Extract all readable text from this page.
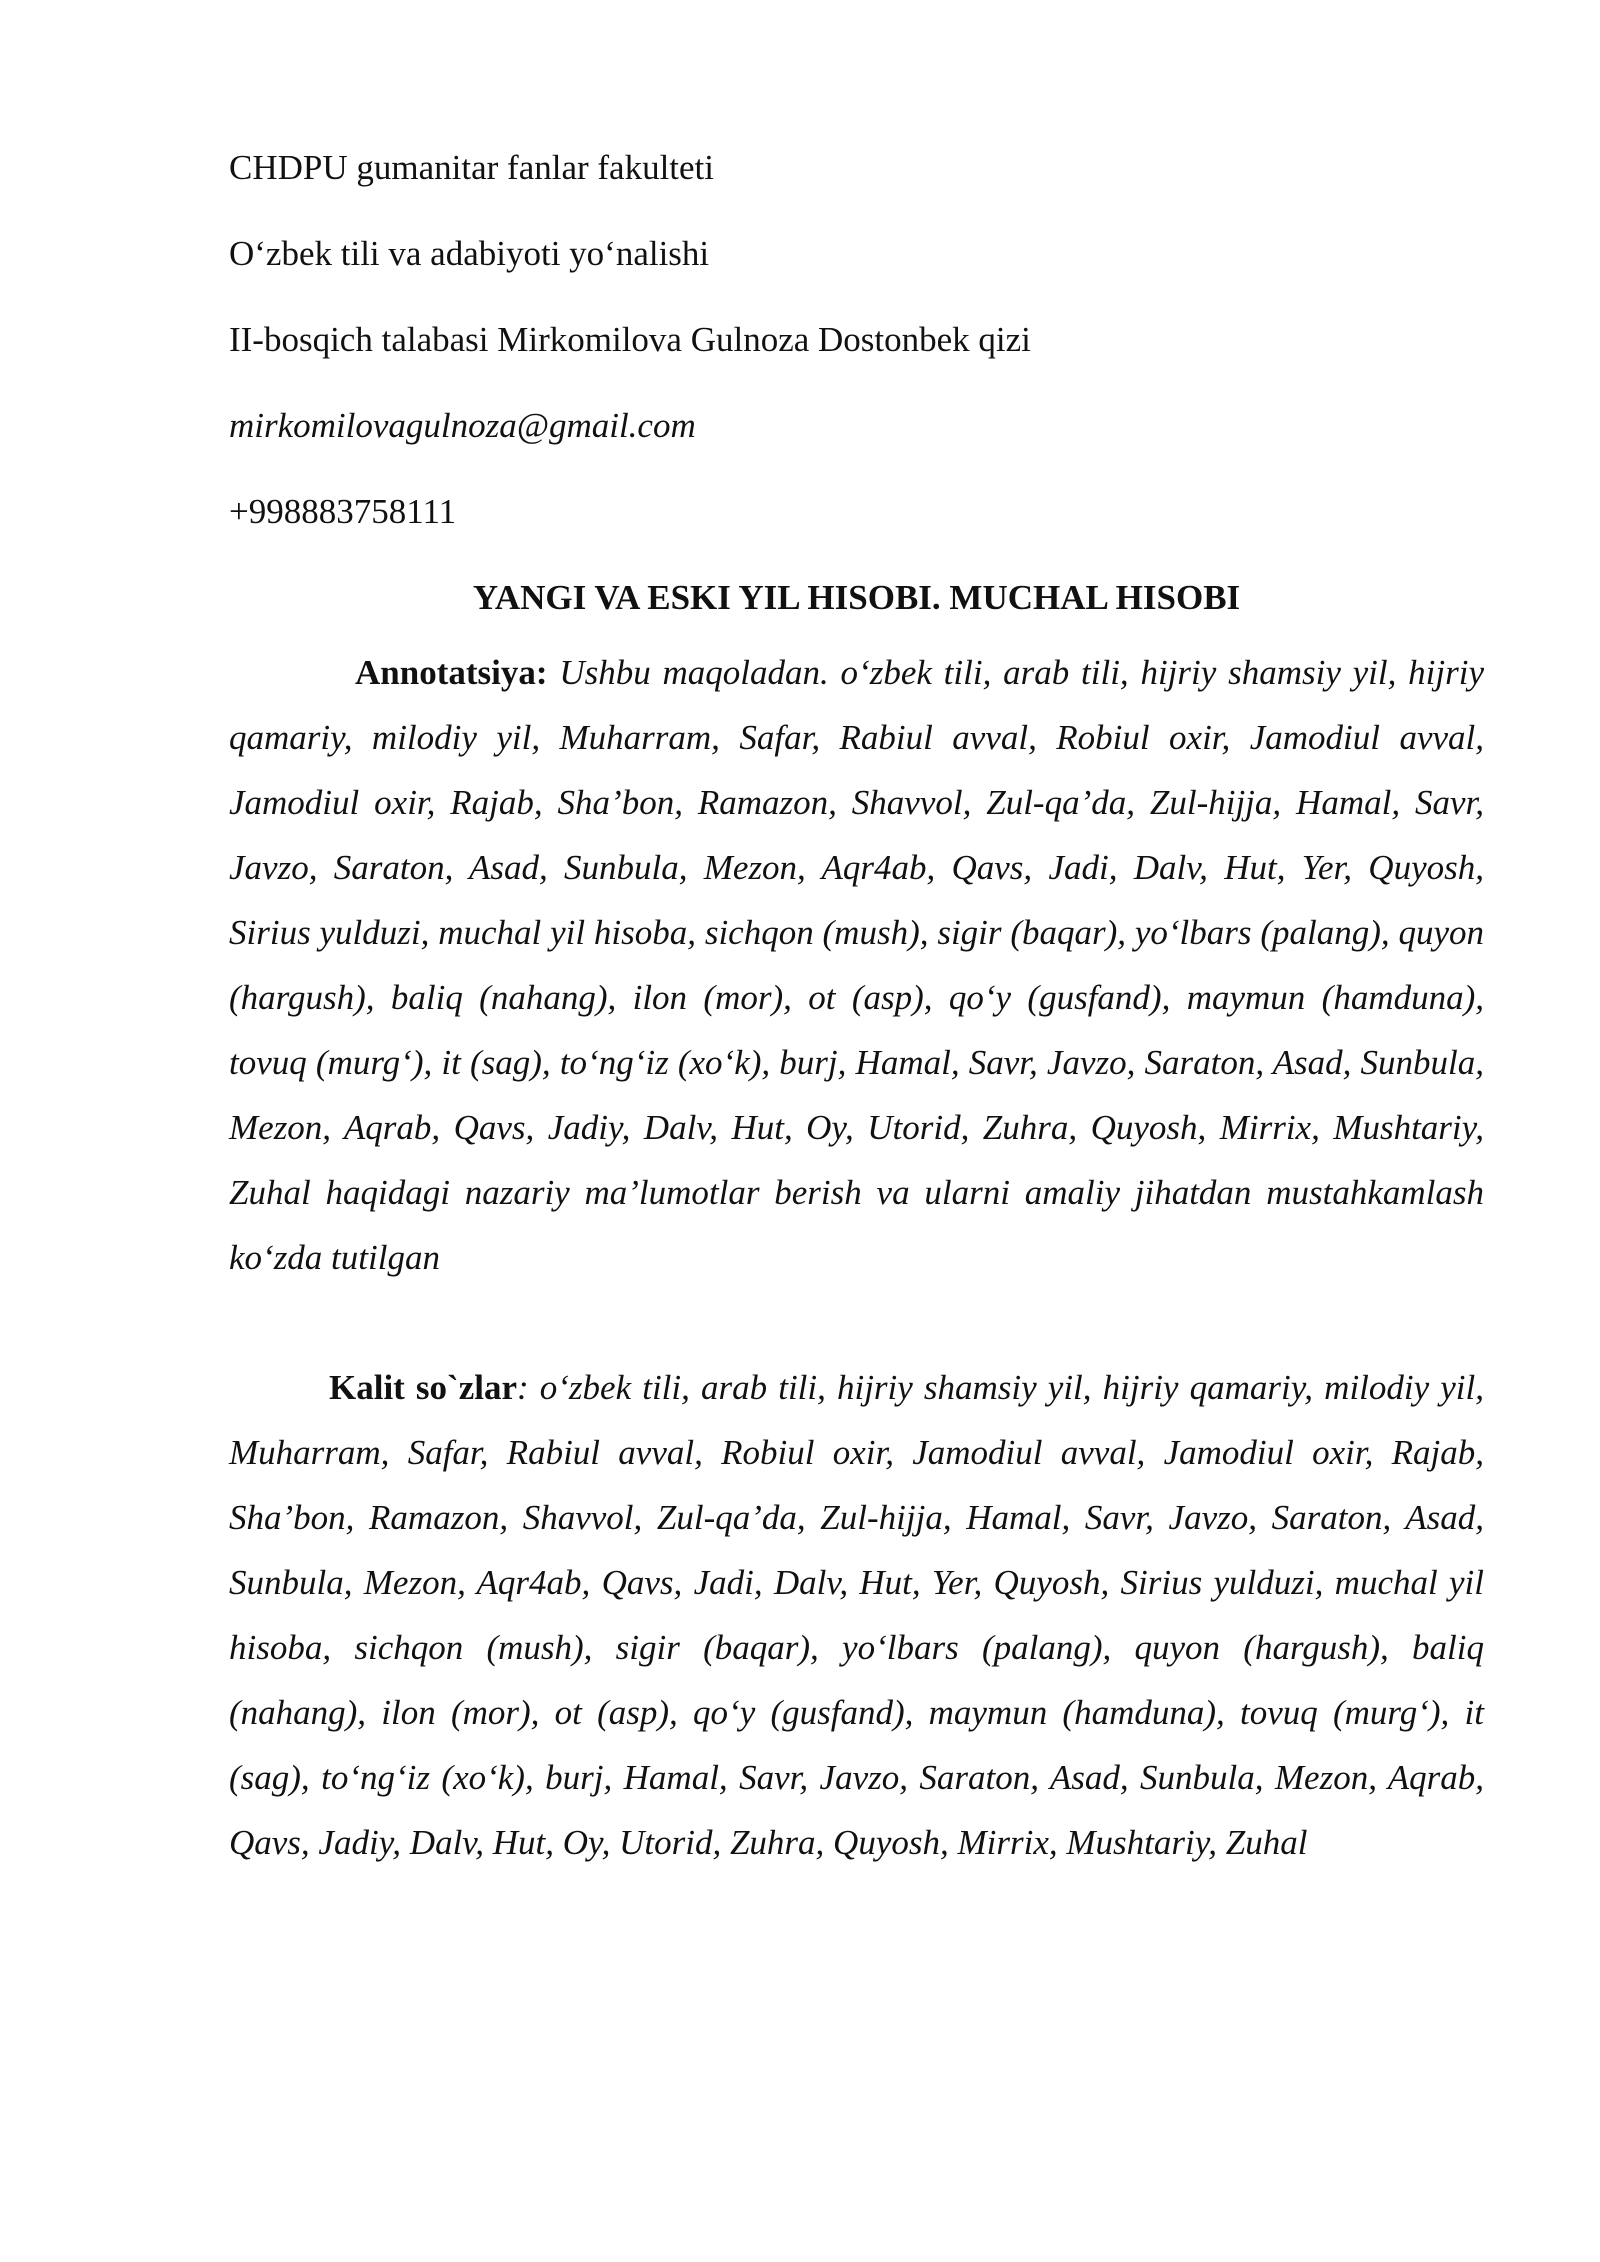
CHDPU gumanitar fanlar fakulteti
O‘zbek tili va adabiyoti yo‘nalishi
II-bosqich talabasi Mirkomilova Gulnoza Dostonbek qizi
mirkomilovagulnoza@gmail.com
+998883758111
YANGI VA ESKI YIL HISOBI. MUCHAL HISOBI

Annotatsiya: Ushbu maqoladan. o‘zbek tili, arab tili, hijriy shamsiy yil, hijriy qamariy, milodiy yil, Muharram, Safar, Rabiul avval, Robiul oxir, Jamodiul avval, Jamodiul oxir, Rajab, Sha’bon, Ramazon, Shavvol, Zul-qa’da, Zul-hijja, Hamal, Savr, Javzo, Saraton, Asad, Sunbula, Mezon, Aqr4ab, Qavs, Jadi, Dalv, Hut, Yer, Quyosh, Sirius yulduzi, muchal yil hisoba, sichqon (mush), sigir (baqar), yo‘lbars (palang), quyon (hargush), baliq (nahang), ilon (mor), ot (asp), qo‘y (gusfand), maymun (hamduna), tovuq (murg‘), it (sag), to‘ng‘iz (xo‘k), burj, Hamal, Savr, Javzo, Saraton, Asad, Sunbula, Mezon, Aqrab, Qavs, Jadiy, Dalv, Hut, Oy, Utorid, Zuhra, Quyosh, Mirrix, Mushtariy, Zuhal haqidagi nazariy ma’lumotlar berish va ularni amaliy jihatdan mustahkamlash ko‘zda tutilgan

Kalit so`zlar: o‘zbek tili, arab tili, hijriy shamsiy yil, hijriy qamariy, milodiy yil, Muharram, Safar, Rabiul avval, Robiul oxir, Jamodiul avval, Jamodiul oxir, Rajab, Sha’bon, Ramazon, Shavvol, Zul-qa’da, Zul-hijja, Hamal, Savr, Javzo, Saraton, Asad, Sunbula, Mezon, Aqr4ab, Qavs, Jadi, Dalv, Hut, Yer, Quyosh, Sirius yulduzi, muchal yil hisoba, sichqon (mush), sigir (baqar), yo‘lbars (palang), quyon (hargush), baliq (nahang), ilon (mor), ot (asp), qo‘y (gusfand), maymun (hamduna), tovuq (murg‘), it (sag), to‘ng‘iz (xo‘k), burj, Hamal, Savr, Javzo, Saraton, Asad, Sunbula, Mezon, Aqrab, Qavs, Jadiy, Dalv, Hut, Oy, Utorid, Zuhra, Quyosh, Mirrix, Mushtariy, Zuhal
